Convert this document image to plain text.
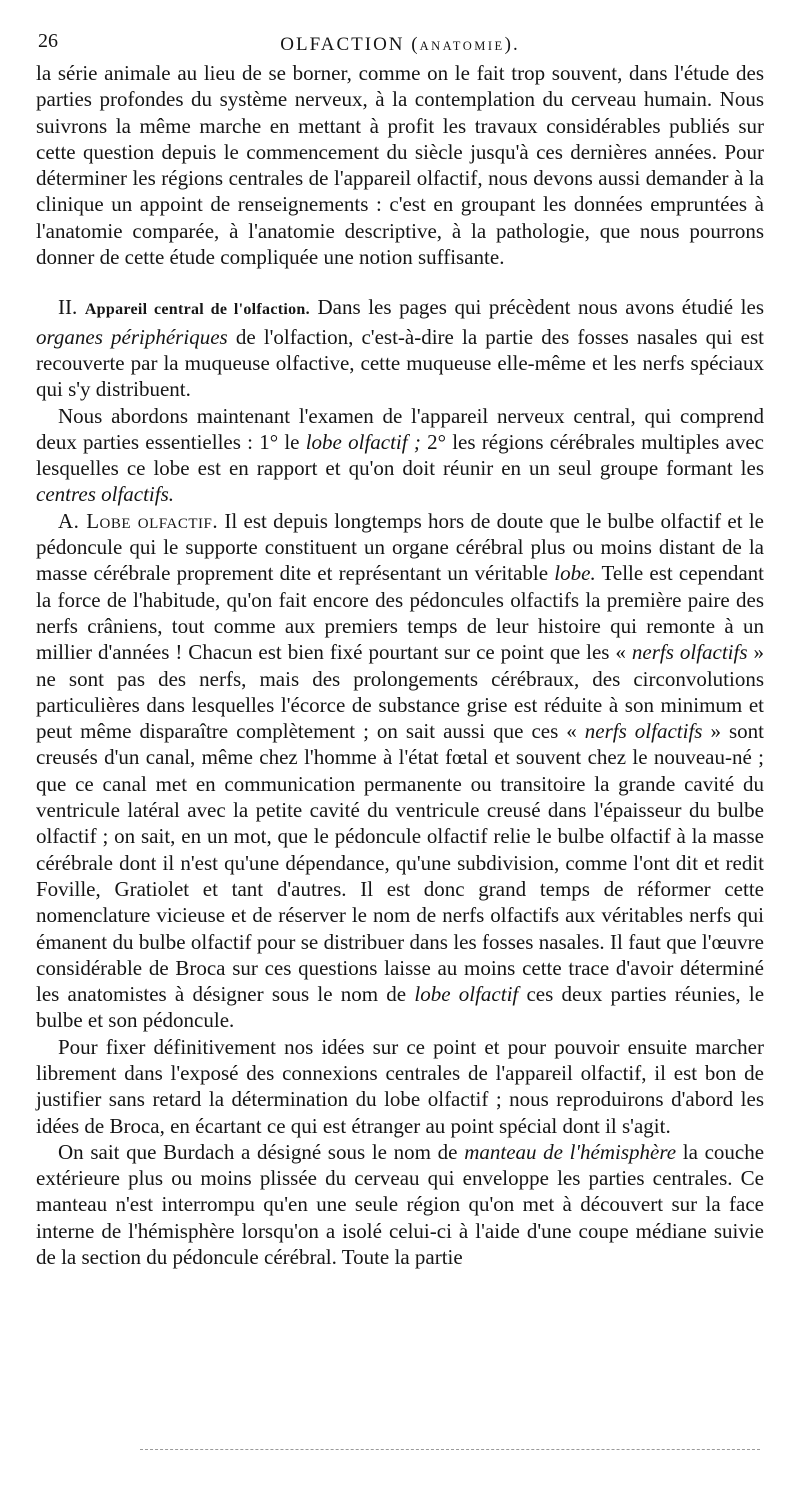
26	OLFACTION (ANATOMIE).

la série animale au lieu de se borner, comme on le fait trop souvent, dans l'étude des parties profondes du système nerveux, à la contemplation du cerveau humain. Nous suivrons la même marche en mettant à profit les travaux considérables publiés sur cette question depuis le commencement du siècle jusqu'à ces dernières années. Pour déterminer les régions centrales de l'appareil olfactif, nous devons aussi demander à la clinique un appoint de renseignements : c'est en groupant les données empruntées à l'anatomie comparée, à l'anatomie descriptive, à la pathologie, que nous pourrons donner de cette étude compliquée une notion suffisante.

II. Appareil central de l'olfaction. Dans les pages qui précèdent nous avons étudié les organes périphériques de l'olfaction, c'est-à-dire la partie des fosses nasales qui est recouverte par la muqueuse olfactive, cette muqueuse elle-même et les nerfs spéciaux qui s'y distribuent.

Nous abordons maintenant l'examen de l'appareil nerveux central, qui comprend deux parties essentielles : 1° le lobe olfactif ; 2° les régions cérébrales multiples avec lesquelles ce lobe est en rapport et qu'on doit réunir en un seul groupe formant les centres olfactifs.

A. Lobe olfactif. Il est depuis longtemps hors de doute que le bulbe olfactif et le pédoncule qui le supporte constituent un organe cérébral plus ou moins distant de la masse cérébrale proprement dite et représentant un véritable lobe. Telle est cependant la force de l'habitude, qu'on fait encore des pédoncules olfactifs la première paire des nerfs crâniens, tout comme aux premiers temps de leur histoire qui remonte à un millier d'années ! Chacun est bien fixé pourtant sur ce point que les « nerfs olfactifs » ne sont pas des nerfs, mais des prolongements cérébraux, des circonvolutions particulières dans lesquelles l'écorce de substance grise est réduite à son minimum et peut même disparaître complètement ; on sait aussi que ces « nerfs olfactifs » sont creusés d'un canal, même chez l'homme à l'état fœtal et souvent chez le nouveau-né ; que ce canal met en communication permanente ou transitoire la grande cavité du ventricule latéral avec la petite cavité du ventricule creusé dans l'épaisseur du bulbe olfactif ; on sait, en un mot, que le pédoncule olfactif relie le bulbe olfactif à la masse cérébrale dont il n'est qu'une dépendance, qu'une subdivision, comme l'ont dit et redit Foville, Gratiolet et tant d'autres. Il est donc grand temps de réformer cette nomenclature vicieuse et de réserver le nom de nerfs olfactifs aux véritables nerfs qui émanent du bulbe olfactif pour se distribuer dans les fosses nasales. Il faut que l'œuvre considérable de Broca sur ces questions laisse au moins cette trace d'avoir déterminé les anatomistes à désigner sous le nom de lobe olfactif ces deux parties réunies, le bulbe et son pédoncule.

Pour fixer définitivement nos idées sur ce point et pour pouvoir ensuite marcher librement dans l'exposé des connexions centrales de l'appareil olfactif, il est bon de justifier sans retard la détermination du lobe olfactif ; nous reproduirons d'abord les idées de Broca, en écartant ce qui est étranger au point spécial dont il s'agit.

On sait que Burdach a désigné sous le nom de manteau de l'hémisphère la couche extérieure plus ou moins plissée du cerveau qui enveloppe les parties centrales. Ce manteau n'est interrompu qu'en une seule région qu'on met à découvert sur la face interne de l'hémisphère lorsqu'on a isolé celui-ci à l'aide d'une coupe médiane suivie de la section du pédoncule cérébral. Toute la partie
